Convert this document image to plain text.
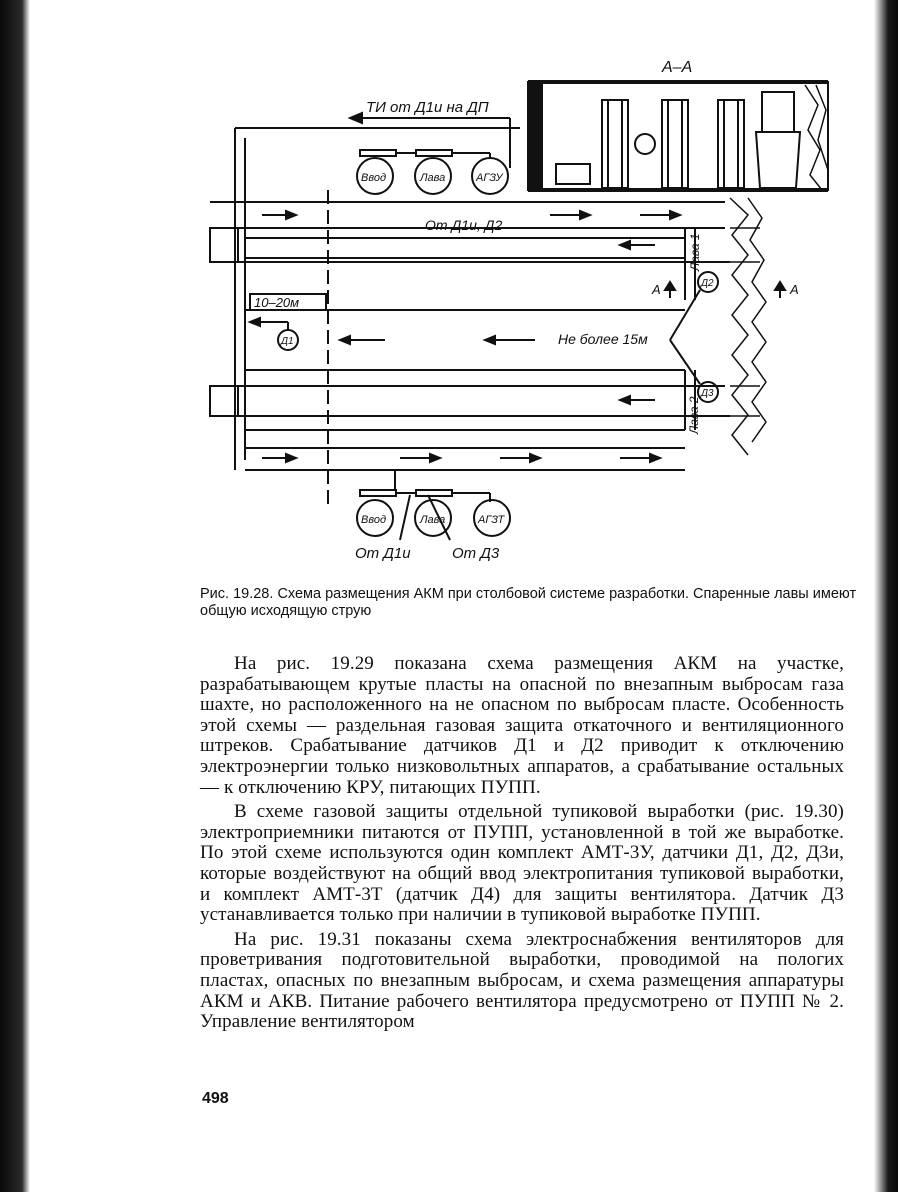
А–А
ТИ от Д1и на ДП
Ввод	Лава	АГЗУ
От Д1и, Д2
10–20м
Не более 15м
Лава 1
Лава 2
А	А
Д1
Д2
Д3
Ввод	Лава	АГЗТ
От Д1и	От Д3
Рис. 19.28. Схема размещения АКМ при столбовой системе разработки. Спаренные лавы имеют общую исходящую струю

На рис. 19.29 показана схема размещения АКМ на участке, разрабатывающем крутые пласты на опасной по внезапным выбросам газа шахте, но расположенного на не опасном по выбросам пласте. Особенность этой схемы — раздельная газовая защита откаточного и вентиляционного штреков. Срабатывание датчиков Д1 и Д2 приводит к отключению электроэнергии только низковольтных аппаратов, а срабатывание остальных — к отключению КРУ, питающих ПУПП.

В схеме газовой защиты отдельной тупиковой выработки (рис. 19.30) электроприемники питаются от ПУПП, установленной в той же выработке. По этой схеме используются один комплект АМТ-3У, датчики Д1, Д2, Д3и, которые воздействуют на общий ввод электропитания тупиковой выработки, и комплект АМТ-3Т (датчик Д4) для защиты вентилятора. Датчик Д3 устанавливается только при наличии в тупиковой выработке ПУПП.

На рис. 19.31 показаны схема электроснабжения вентиляторов для проветривания подготовительной выработки, проводимой на пологих пластах, опасных по внезапным выбросам, и схема размещения аппаратуры АКМ и АКВ. Питание рабочего вентилятора предусмотрено от ПУПП № 2. Управление вентилятором

498
